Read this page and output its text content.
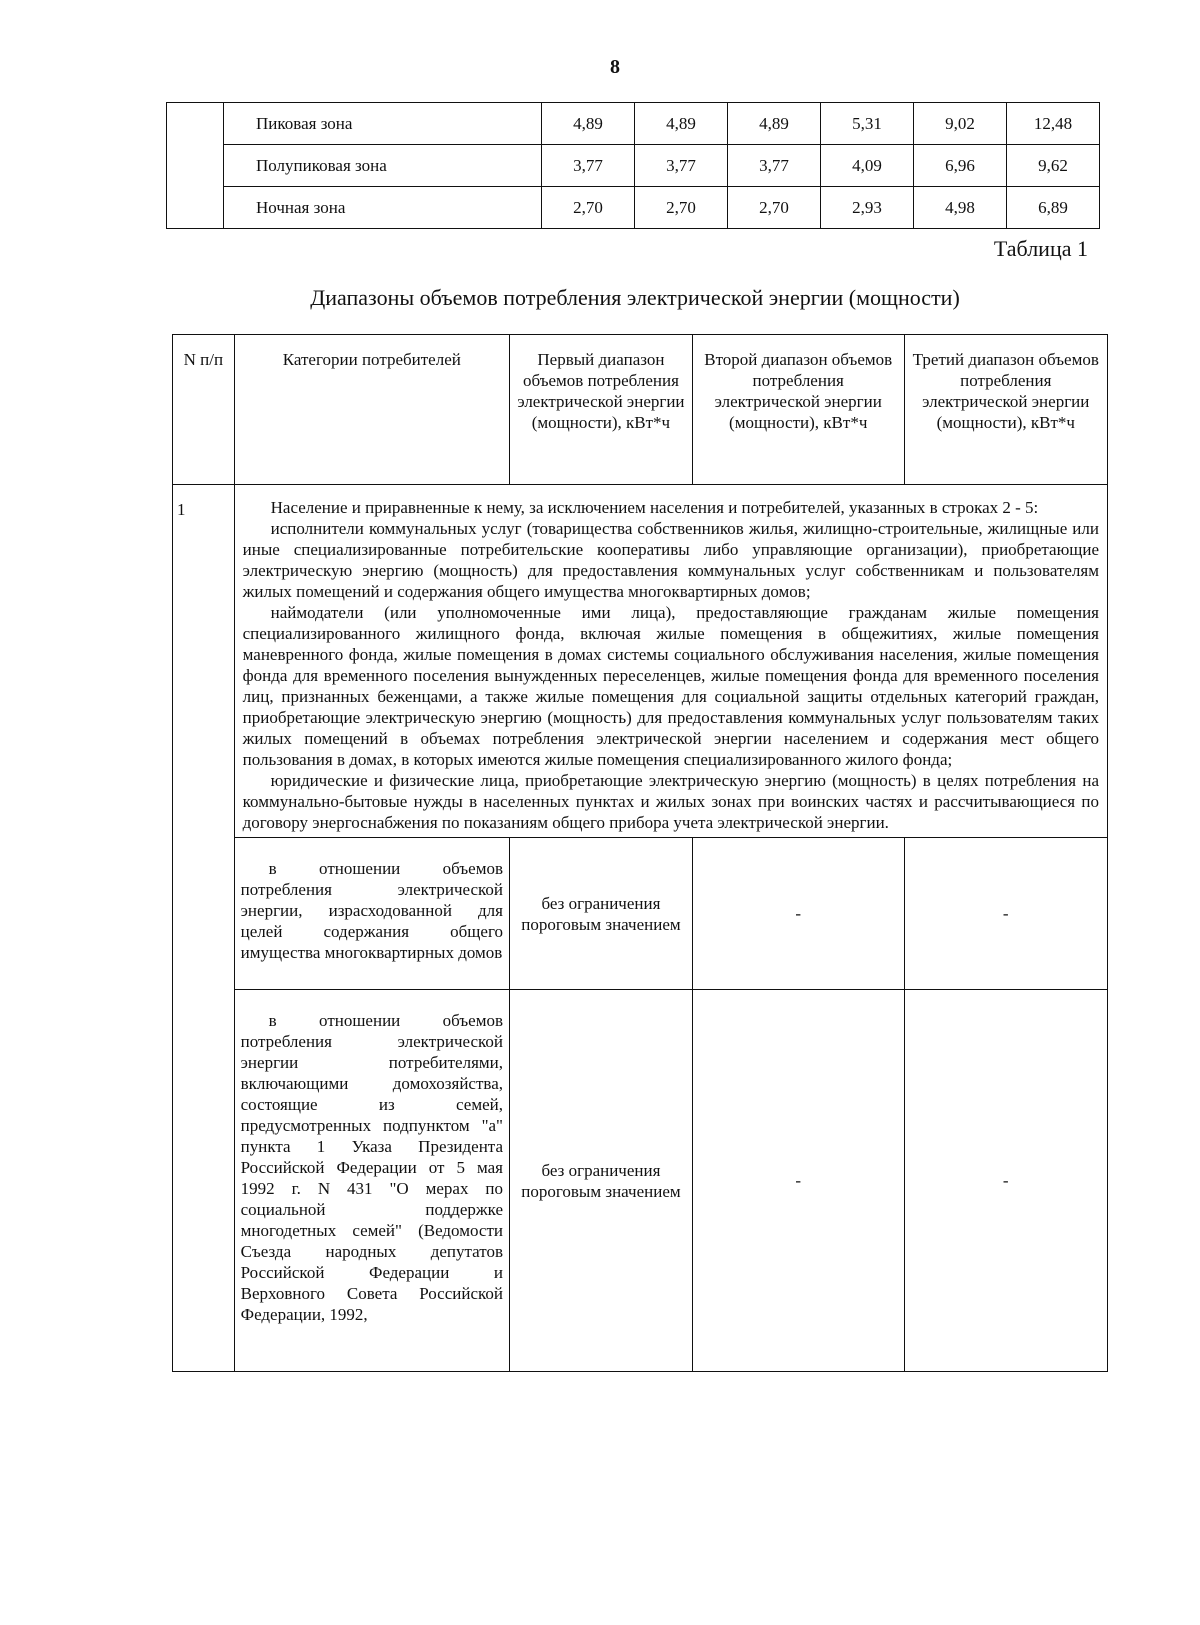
8
	Пиковая зона	4,89	4,89	4,89	5,31	9,02	12,48
	Полупиковая зона	3,77	3,77	3,77	4,09	6,96	9,62
	Ночная зона	2,70	2,70	2,70	2,93	4,98	6,89
Таблица 1
Диапазоны объемов потребления электрической энергии (мощности)
N п/п	Категории потребителей	Первый диапазон объемов потребления электрической энергии (мощности), кВт*ч	Второй диапазон объемов потребления электрической энергии (мощности), кВт*ч	Третий диапазон объемов потребления электрической энергии (мощности), кВт*ч
1	Население и приравненные к нему, за исключением населения и потребителей, указанных в строках 2 - 5:

исполнители коммунальных услуг (товарищества собственников жилья, жилищно-строительные, жилищные или иные специализированные потребительские кооперативы либо управляющие организации), приобретающие электрическую энергию (мощность) для предоставления коммунальных услуг собственникам и пользователям жилых помещений и содержания общего имущества многоквартирных домов;

наймодатели (или уполномоченные ими лица), предоставляющие гражданам жилые помещения специализированного жилищного фонда, включая жилые помещения в общежитиях, жилые помещения маневренного фонда, жилые помещения в домах системы социального обслуживания населения, жилые помещения фонда для временного поселения вынужденных переселенцев, жилые помещения фонда для временного поселения лиц, признанных беженцами, а также жилые помещения для социальной защиты отдельных категорий граждан, приобретающие электрическую энергию (мощность) для предоставления коммунальных услуг пользователям таких жилых помещений в объемах потребления электрической энергии населением и содержания мест общего пользования в домах, в которых имеются жилые помещения специализированного жилого фонда;

юридические и физические лица, приобретающие электрическую энергию (мощность) в целях потребления на коммунально-бытовые нужды в населенных пунктах и жилых зонах при воинских частях и рассчитывающиеся по договору энергоснабжения по показаниям общего прибора учета электрической энергии.			

	в отношении объемов потребления электрической энергии, израсходованной для целей содержания общего имущества многоквартирных домов	без ограничения пороговым значением	-	-

	в отношении объемов потребления электрической энергии потребителями, включающими домохозяйства, состоящие из семей, предусмотренных подпунктом "а" пункта 1 Указа Президента Российской Федерации от 5 мая 1992 г. N 431 "О мерах по социальной поддержке многодетных семей" (Ведомости Съезда народных депутатов Российской Федерации и Верховного Совета Российской Федерации, 1992,	без ограничения пороговым значением	-	-
